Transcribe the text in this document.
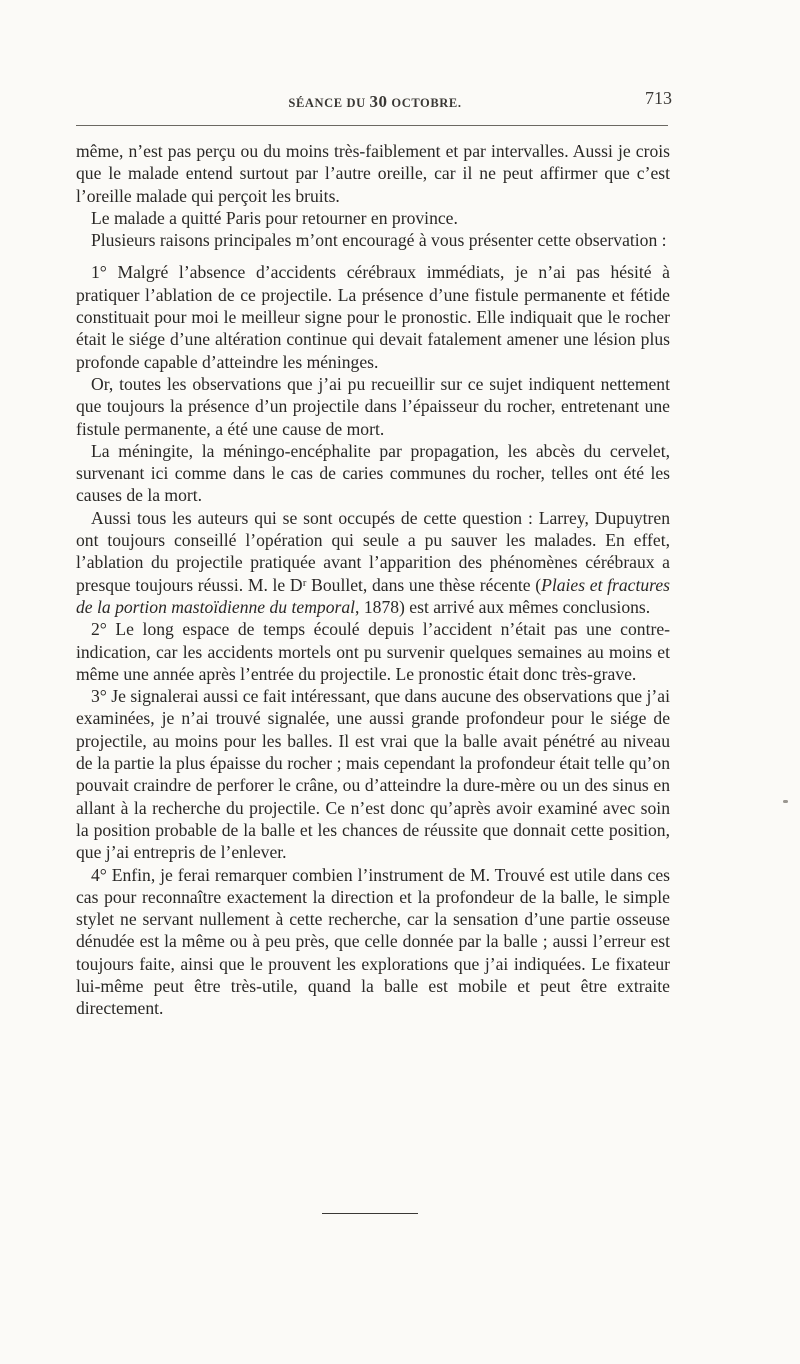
SÉANCE DU 30 OCTOBRE.	713

même, n’est pas perçu ou du moins très-faiblement et par intervalles. Aussi je crois que le malade entend surtout par l’autre oreille, car il ne peut affirmer que c’est l’oreille malade qui perçoit les bruits.

Le malade a quitté Paris pour retourner en province.

Plusieurs raisons principales m’ont encouragé à vous présenter cette observation :

1° Malgré l’absence d’accidents cérébraux immédiats, je n’ai pas hésité à pratiquer l’ablation de ce projectile. La présence d’une fistule permanente et fétide constituait pour moi le meilleur signe pour le pronostic. Elle indiquait que le rocher était le siége d’une altération continue qui devait fatalement amener une lésion plus profonde capable d’atteindre les méninges.

Or, toutes les observations que j’ai pu recueillir sur ce sujet indiquent nettement que toujours la présence d’un projectile dans l’épaisseur du rocher, entretenant une fistule permanente, a été une cause de mort.

La méningite, la méningo-encéphalite par propagation, les abcès du cervelet, survenant ici comme dans le cas de caries communes du rocher, telles ont été les causes de la mort.

Aussi tous les auteurs qui se sont occupés de cette question : Larrey, Dupuytren ont toujours conseillé l’opération qui seule a pu sauver les malades. En effet, l’ablation du projectile pratiquée avant l’apparition des phénomènes cérébraux a presque toujours réussi. M. le Dʳ Boullet, dans une thèse récente (Plaies et fractures de la portion mastoïdienne du temporal, 1878) est arrivé aux mêmes conclusions.

2° Le long espace de temps écoulé depuis l’accident n’était pas une contre-indication, car les accidents mortels ont pu survenir quelques semaines au moins et même une année après l’entrée du projectile. Le pronostic était donc très-grave.

3° Je signalerai aussi ce fait intéressant, que dans aucune des observations que j’ai examinées, je n’ai trouvé signalée, une aussi grande profondeur pour le siége de projectile, au moins pour les balles. Il est vrai que la balle avait pénétré au niveau de la partie la plus épaisse du rocher ; mais cependant la profondeur était telle qu’on pouvait craindre de perforer le crâne, ou d’atteindre la dure-mère ou un des sinus en allant à la recherche du projectile. Ce n’est donc qu’après avoir examiné avec soin la position probable de la balle et les chances de réussite que donnait cette position, que j’ai entrepris de l’enlever.

4° Enfin, je ferai remarquer combien l’instrument de M. Trouvé est utile dans ces cas pour reconnaître exactement la direction et la profondeur de la balle, le simple stylet ne servant nullement à cette recherche, car la sensation d’une partie osseuse dénudée est la même ou à peu près, que celle donnée par la balle ; aussi l’erreur est toujours faite, ainsi que le prouvent les explorations que j’ai indiquées. Le fixateur lui-même peut être très-utile, quand la balle est mobile et peut être extraite directement.
